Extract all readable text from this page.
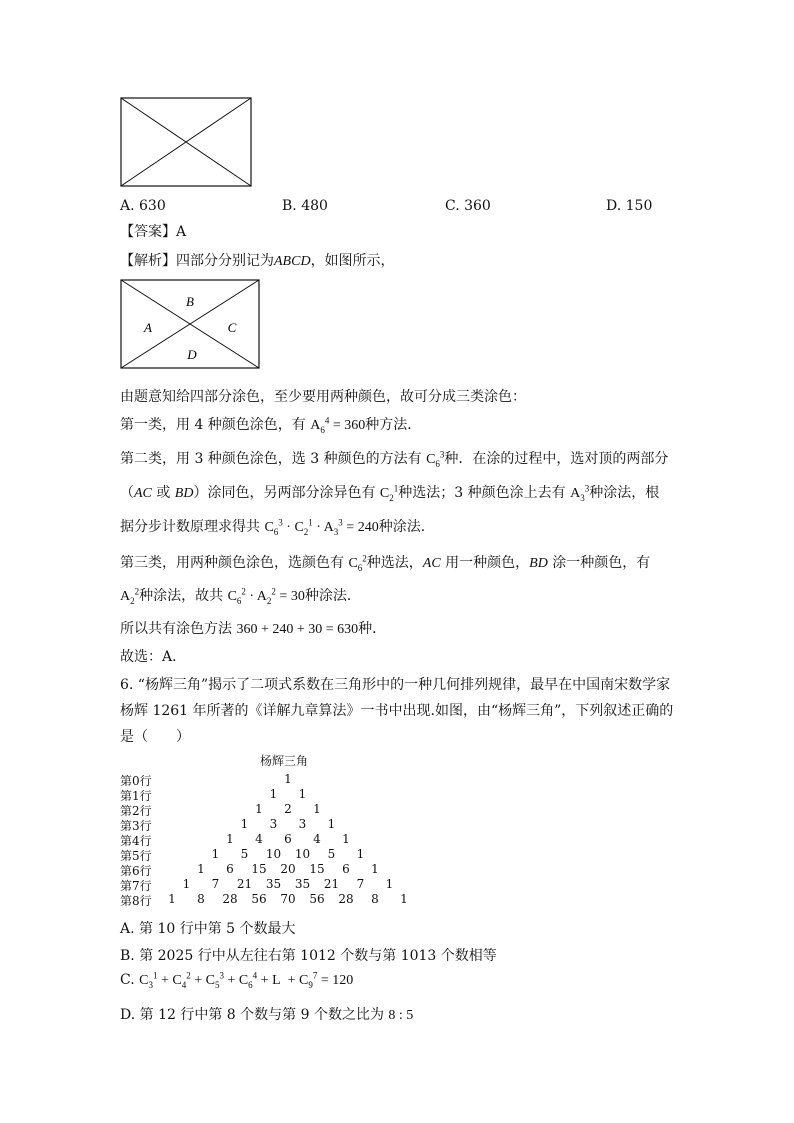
A. 630	B. 480	C. 360	D. 150
【答案】A
【解析】四部分分别记为ABCD，如图所示，
B
A	C
D
由题意知给四部分涂色，至少要用两种颜色，故可分成三类涂色：
第一类，用 4 种颜色涂色，有 $A_6^4 = 360$种方法．
第二类，用 3 种颜色涂色，选 3 种颜色的方法有 $C_6^3$种．在涂的过程中，选对顶的两部分
（AC 或 BD）涂同色，另两部分涂异色有 $C_2^1$种选法；3 种颜色涂上去有 $A_3^3$种涂法，根
据分步计数原理求得共 $C_6^3 \cdot C_2^1 \cdot A_3^3 = 240$种涂法．
第三类，用两种颜色涂色，选颜色有 $C_6^2$种选法，AC 用一种颜色，BD 涂一种颜色，有
$A_2^2$种涂法，故共 $C_6^2 \cdot A_2^2 = 30$种涂法．
所以共有涂色方法 360 + 240 + 30 = 630种．
故选：A．
6. “杨辉三角”揭示了二项式系数在三角形中的一种几何排列规律，最早在中国南宋数学家
杨辉 1261 年所著的《详解九章算法》一书中出现.如图，由“杨辉三角”，下列叙述正确的
是（　　）
杨辉三角
第0行	1
第1行	1 1
第2行	1 2 1
第3行	1 3 3 1
第4行	1 4 6 4 1
第5行	1 5 10 10 5 1
第6行	1 6 15 20 15 6 1
第7行	1 7 21 35 35 21 7 1
第8行 1 8 28 56 70 56 28 8 1
A. 第 10 行中第 5 个数最大
B. 第 2025 行中从左往右第 1012 个数与第 1013 个数相等
C. $C_3^1 + C_4^2 + C_5^3 + C_6^4 + L + C_9^7 = 120$
D. 第 12 行中第 8 个数与第 9 个数之比为 8 : 5
